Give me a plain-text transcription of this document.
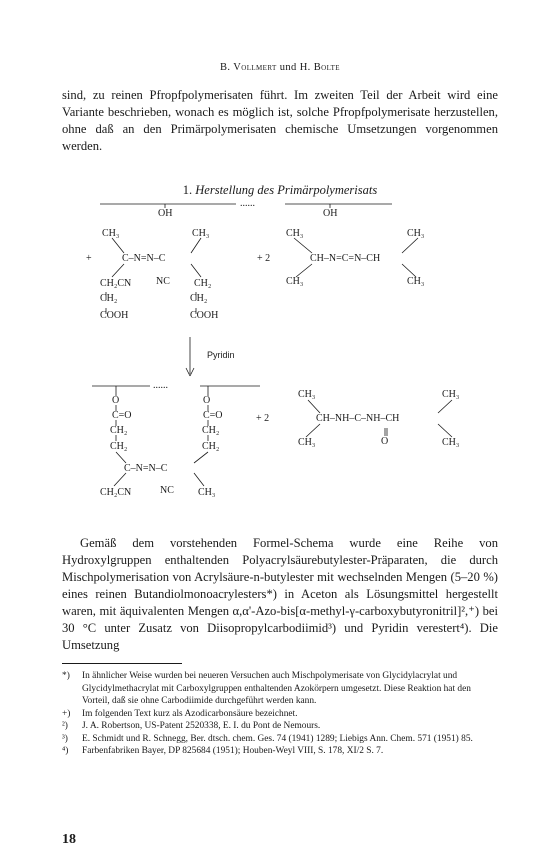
B. Vollmert und H. Bolte

sind, zu reinen Pfropfpolymerisaten führt. Im zweiten Teil der Arbeit wird eine Variante beschrieben, wonach es möglich ist, solche Pfropfpolymerisate herzustellen, ohne daß an den Primärpolymerisaten chemische Umsetzungen vorgenommen werden.

1. Herstellung des Primärpolymerisats
......
OH	OH
CH₃	CH₃
+	C–N=N–C
CH₂CN NC CH₂
CH₂	CH₂
COOH	COOH
+ 2
CH₃	CH₃
CH–N=C=N–CH
CH₃	CH₃
Pyridin
......
O	O
C=O	C=O
CH₂	CH₂
CH₂	CH₂
C–N=N–C
CH₂CN	NC CH₃
+ 2
CH₃	CH₃
CH–NH–C–NH–CH
O
CH₃	CH₃

Gemäß dem vorstehenden Formel-Schema wurde eine Reihe von Hydroxylgruppen enthaltenden Polyacrylsäurebutylester-Präparaten, die durch Mischpolymerisation von Acrylsäure-n-butylester mit wechselnden Mengen (5–20 %) eines reinen Butandiolmonoacrylesters*) in Aceton als Lösungsmittel hergestellt waren, mit äquivalenten Mengen α,α'-Azo-bis[α-methyl-γ-carboxybutyronitril]²,⁺) bei 30 °C unter Zusatz von Diisopropylcarbodiimid³) und Pyridin verestert⁴). Die Umsetzung

*) In ähnlicher Weise wurden bei neueren Versuchen auch Mischpolymerisate von Glycidylacrylat und Glycidylmethacrylat mit Carboxylgruppen enthaltenden Azokörpern umgesetzt. Diese Reaktion hat den Vorteil, daß sie ohne Carbodiimide durchgeführt werden kann.
+) Im folgenden Text kurz als Azodicarbonsäure bezeichnet.
²) J. A. Robertson, US-Patent 2520338, E. I. du Pont de Nemours.
³) E. Schmidt und R. Schnegg, Ber. dtsch. chem. Ges. 74 (1941) 1289; Liebigs Ann. Chem. 571 (1951) 85.
⁴) Farbenfabriken Bayer, DP 825684 (1951); Houben-Weyl VIII, S. 178, XI/2 S. 7.
18
